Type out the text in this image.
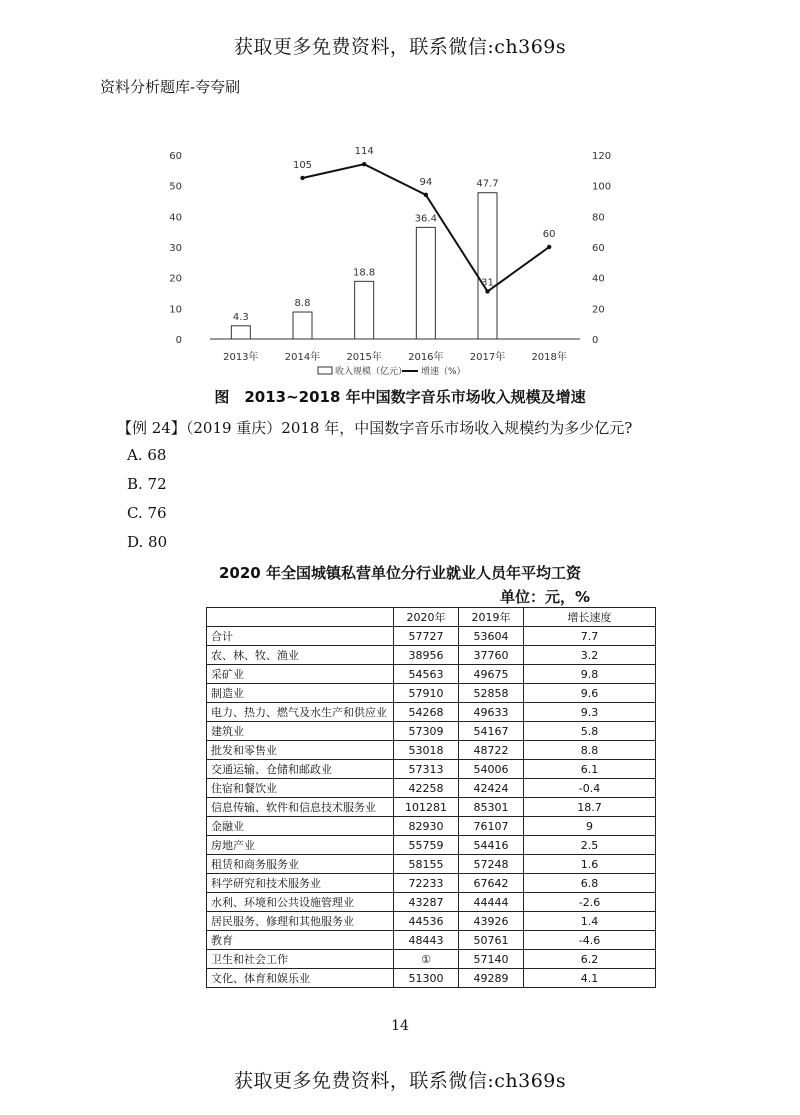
获取更多免费资料，联系微信:ch369s
资料分析题库-夸夸刷
0
10
20
30
40
50
60
0
20
40
60
80
100
120
2013年	2014年	2015年	2016年	2017年	2018年
4.3
8.8
18.8
36.4
47.7
105
114
94
31
60
收入规模（亿元） 增速（%）
图　2013~2018 年中国数字音乐市场收入规模及增速
【例 24】（2019 重庆）2018 年，中国数字音乐市场收入规模约为多少亿元?
A. 68
B. 72
C. 76
D. 80
2020 年全国城镇私营单位分行业就业人员年平均工资
单位：元，%
	2020年	2019年	增长速度
合计	57727	53604	7.7
农、林、牧、渔业	38956	37760	3.2
采矿业	54563	49675	9.8
制造业	57910	52858	9.6
电力、热力、燃气及水生产和供应业	54268	49633	9.3
建筑业	57309	54167	5.8
批发和零售业	53018	48722	8.8
交通运输、仓储和邮政业	57313	54006	6.1
住宿和餐饮业	42258	42424	-0.4
信息传输、软件和信息技术服务业	101281	85301	18.7
金融业	82930	76107	9
房地产业	55759	54416	2.5
租赁和商务服务业	58155	57248	1.6
科学研究和技术服务业	72233	67642	6.8
水利、环境和公共设施管理业	43287	44444	-2.6
居民服务、修理和其他服务业	44536	43926	1.4
教育	48443	50761	-4.6
卫生和社会工作	①	57140	6.2
文化、体育和娱乐业	51300	49289	4.1
14
获取更多免费资料，联系微信:ch369s
